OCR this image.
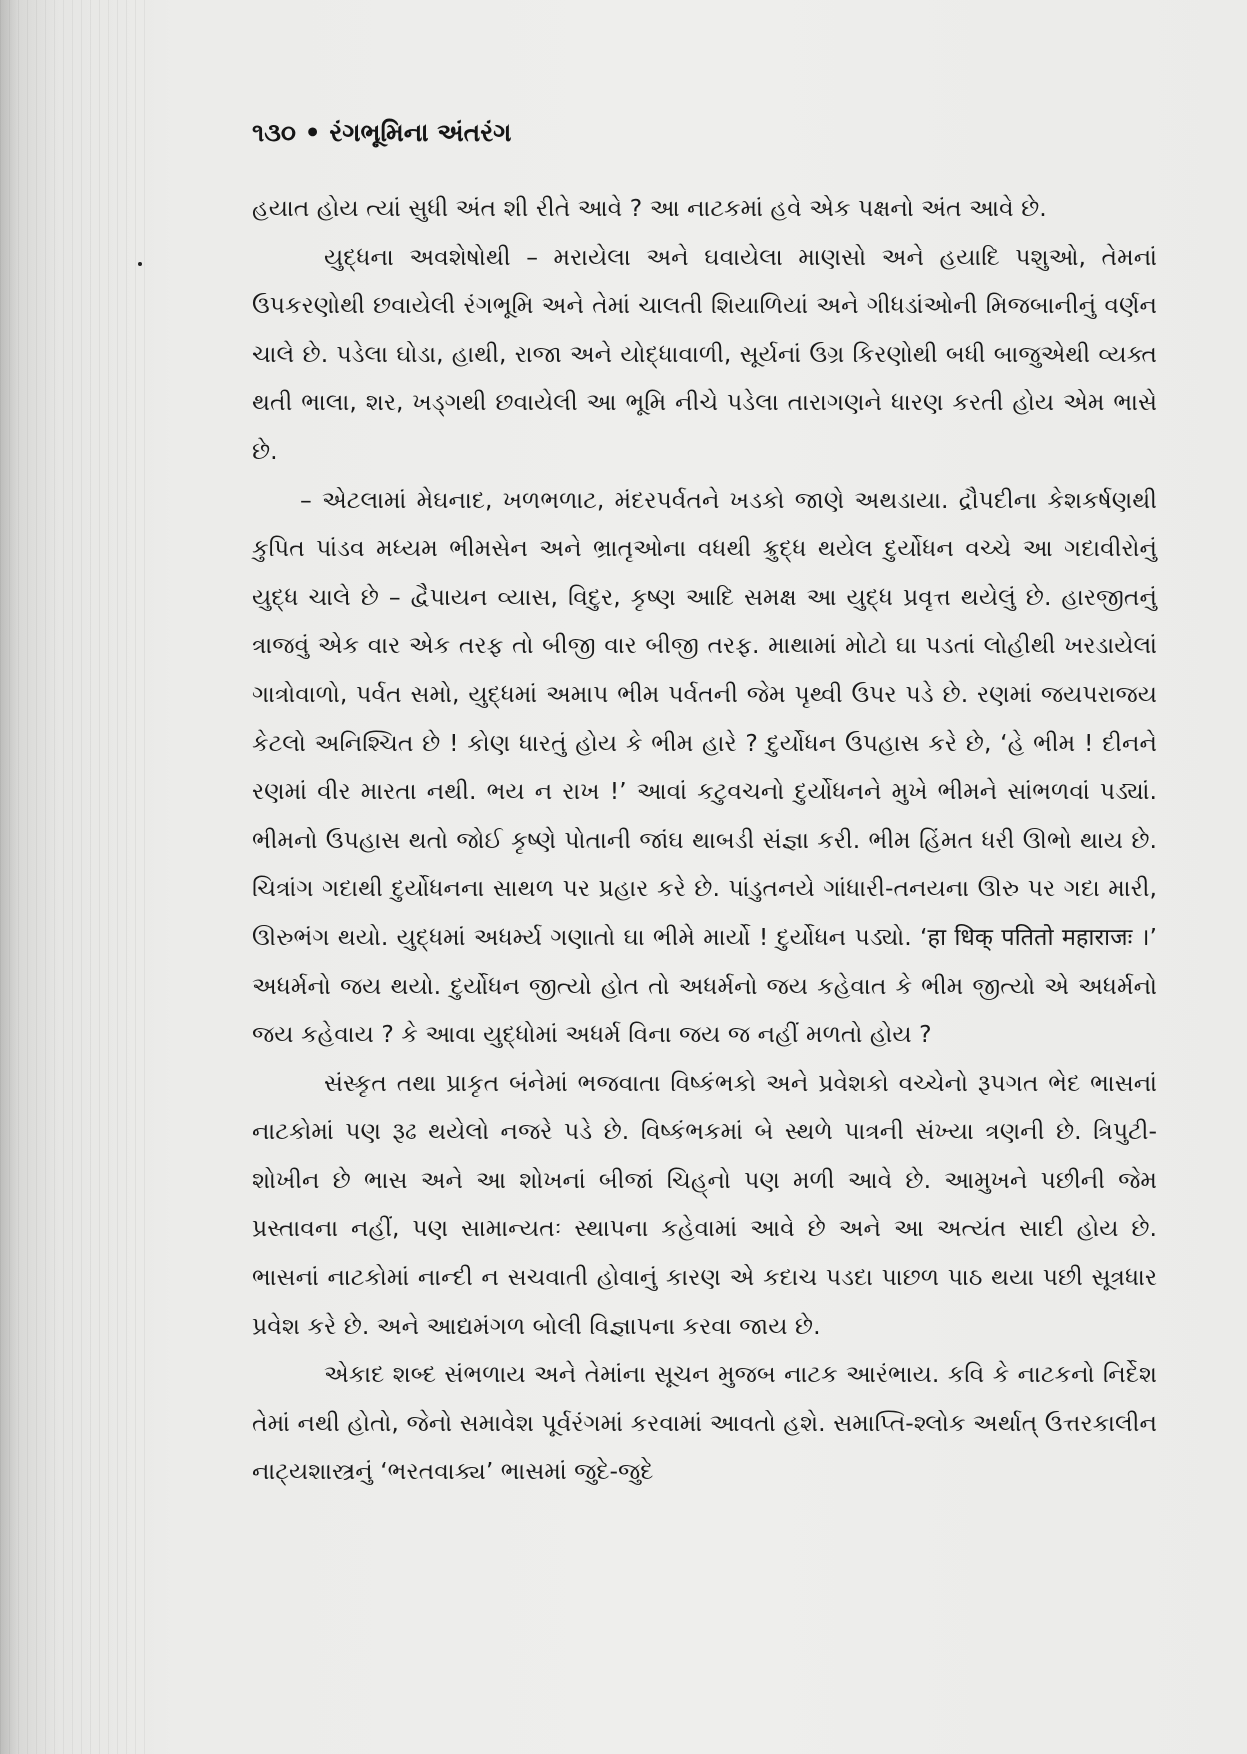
૧૩૦ • રંગભૂમિના અંતરંગ

હયાત હોય ત્યાં સુધી અંત શી રીતે આવે ? આ નાટકમાં હવે એક પક્ષનો અંત આવે છે.

યુદ્ધના અવશેષોથી – મરાયેલા અને ઘવાયેલા માણસો અને હયાદિ પશુઓ, તેમનાં ઉપકરણોથી છવાયેલી રંગભૂમિ અને તેમાં ચાલતી શિયાળિયાં અને ગીધડાંઓની મિજબાનીનું વર્ણન ચાલે છે. પડેલા ઘોડા, હાથી, રાજા અને યોદ્ધાવાળી, સૂર્યનાં ઉગ્ર કિરણોથી બધી બાજુએથી વ્યક્ત થતી ભાલા, શર, ખડ્‌ગથી છવાયેલી આ ભૂમિ નીચે પડેલા તારાગણને ધારણ કરતી હોય એમ ભાસે છે.

– એટલામાં મેઘનાદ, ખળભળાટ, મંદરપર્વતને ખડકો જાણે અથડાયા. દ્રૌપદીના કેશકર્ષણથી કુપિત પાંડવ મધ્યમ ભીમસેન અને ભ્રાતૃઓના વધથી ક્રુદ્ધ થયેલ દુર્યોધન વચ્ચે આ ગદાવીરોનું યુદ્ધ ચાલે છે – દ્વૈપાયન વ્યાસ, વિદુર, કૃષ્ણ આદિ સમક્ષ આ યુદ્ધ પ્રવૃત્ત થયેલું છે. હારજીતનું ત્રાજવું એક વાર એક તરફ તો બીજી વાર બીજી તરફ. માથામાં મોટો ઘા પડતાં લોહીથી ખરડાયેલાં ગાત્રોવાળો, પર્વત સમો, યુદ્ધમાં અમાપ ભીમ પર્વતની જેમ પૃથ્વી ઉપર પડે છે. રણમાં જયપરાજય કેટલો અનિશ્ચિત છે ! કોણ ધારતું હોય કે ભીમ હારે ? દુર્યોધન ઉપહાસ કરે છે, ‘હે ભીમ ! દીનને રણમાં વીર મારતા નથી. ભય ન રાખ !’ આવાં કટુવચનો દુર્યોધનને મુખે ભીમને સાંભળવાં પડ્યાં. ભીમનો ઉપહાસ થતો જોઈ કૃષ્ણે પોતાની જાંઘ થાબડી સંજ્ઞા કરી. ભીમ હિંમત ધરી ઊભો થાય છે. ચિત્રાંગ ગદાથી દુર્યોધનના સાથળ પર પ્રહાર કરે છે. પાંડુતનયે ગાંધારી-તનયના ઊરુ પર ગદા મારી, ઊરુભંગ થયો. યુદ્ધમાં અધર્મ્ય ગણાતો ઘા ભીમે માર્યો ! દુર્યોધન પડ્યો. ‘हा धिक् पतितो महाराजः ।’ અધર્મનો જય થયો. દુર્યોધન જીત્યો હોત તો અધર્મનો જય કહેવાત કે ભીમ જીત્યો એ અધર્મનો જય કહેવાય ? કે આવા યુદ્ધોમાં અધર્મ વિના જય જ નહીં મળતો હોય ?

સંસ્કૃત તથા પ્રાકૃત બંનેમાં ભજવાતા વિષ્કંભકો અને પ્રવેશકો વચ્ચેનો રૂપગત ભેદ ભાસનાં નાટકોમાં પણ રૂઢ થયેલો નજરે પડે છે. વિષ્કંભકમાં બે સ્થળે પાત્રની સંખ્યા ત્રણની છે. ત્રિપુટી-શોખીન છે ભાસ અને આ શોખનાં બીજાં ચિહ્‌નો પણ મળી આવે છે. આમુખને પછીની જેમ પ્રસ્તાવના નહીં, પણ સામાન્યતઃ સ્થાપના કહેવામાં આવે છે અને આ અત્યંત સાદી હોય છે. ભાસનાં નાટકોમાં નાન્દી ન સચવાતી હોવાનું કારણ એ કદાચ પડદા પાછળ પાઠ થયા પછી સૂત્રધાર પ્રવેશ કરે છે. અને આદ્યમંગળ બોલી વિજ્ઞાપના કરવા જાય છે.

એકાદ શબ્દ સંભળાય અને તેમાંના સૂચન મુજબ નાટક આરંભાય. કવિ કે નાટકનો નિર્દેશ તેમાં નથી હોતો, જેનો સમાવેશ પૂર્વરંગમાં કરવામાં આવતો હશે. સમાપ્તિ-શ્લોક અર્થાત્ ઉત્તરકાલીન નાટ્યશાસ્ત્રનું ‘ભરતવાક્ય’ ભાસમાં જુદે-જુદે
